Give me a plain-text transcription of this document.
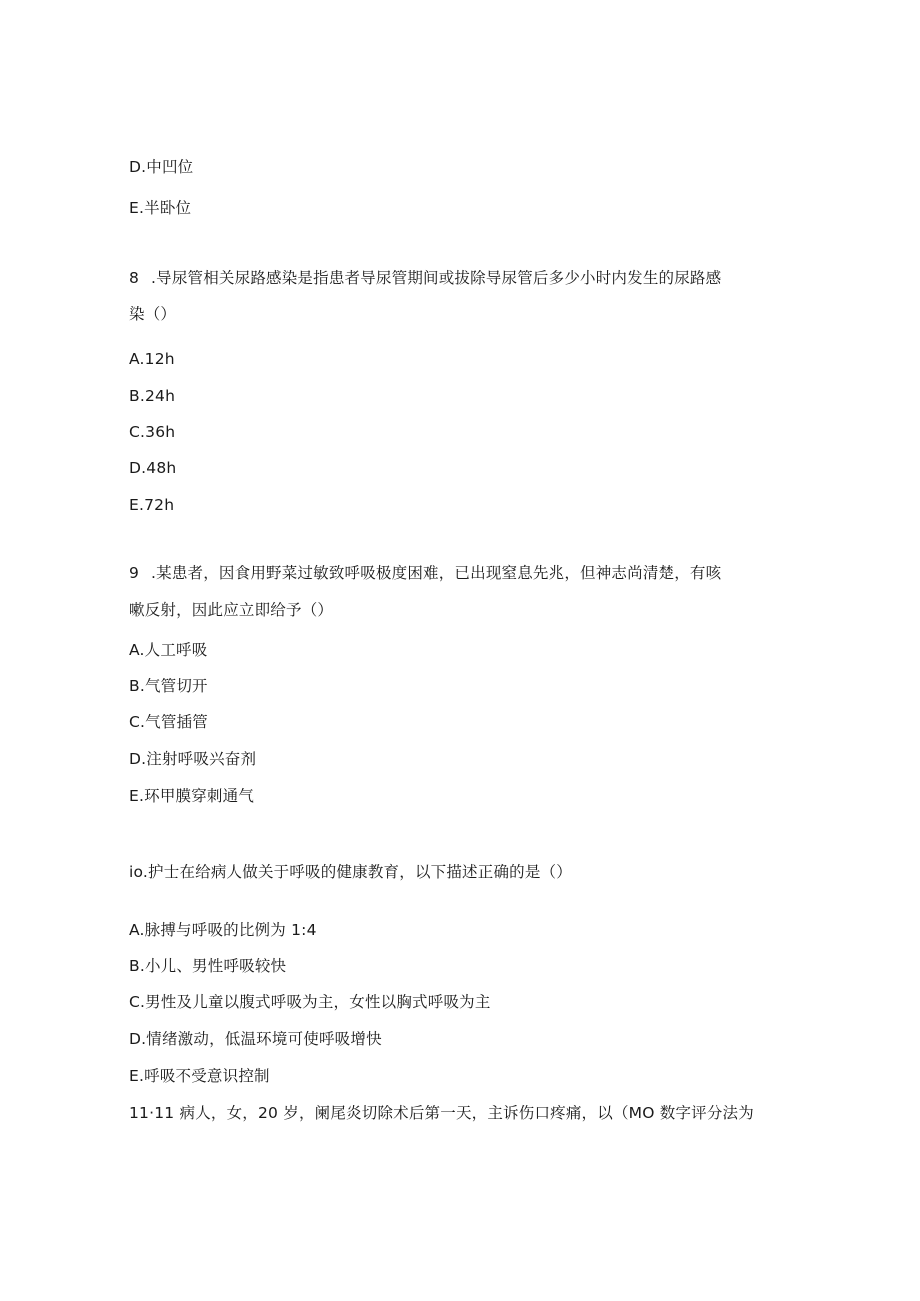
D.中凹位
E.半卧位
8 .导尿管相关尿路感染是指患者导尿管期间或拔除导尿管后多少小时内发生的尿路感
染（）
A.12h
B.24h
C.36h
D.48h
E.72h
9 .某患者，因食用野菜过敏致呼吸极度困难，已出现窒息先兆，但神志尚清楚，有咳
嗽反射，因此应立即给予（）
A.人工呼吸
B.气管切开
C.气管插管
D.注射呼吸兴奋剂
E.环甲膜穿刺通气
io.护士在给病人做关于呼吸的健康教育，以下描述正确的是（）
A.脉搏与呼吸的比例为 1:4
B.小儿、男性呼吸较快
C.男性及儿童以腹式呼吸为主，女性以胸式呼吸为主
D.情绪激动，低温环境可使呼吸增快
E.呼吸不受意识控制
11·11 病人，女，20 岁，阑尾炎切除术后第一天，主诉伤口疼痛，以（MO 数字评分法为
